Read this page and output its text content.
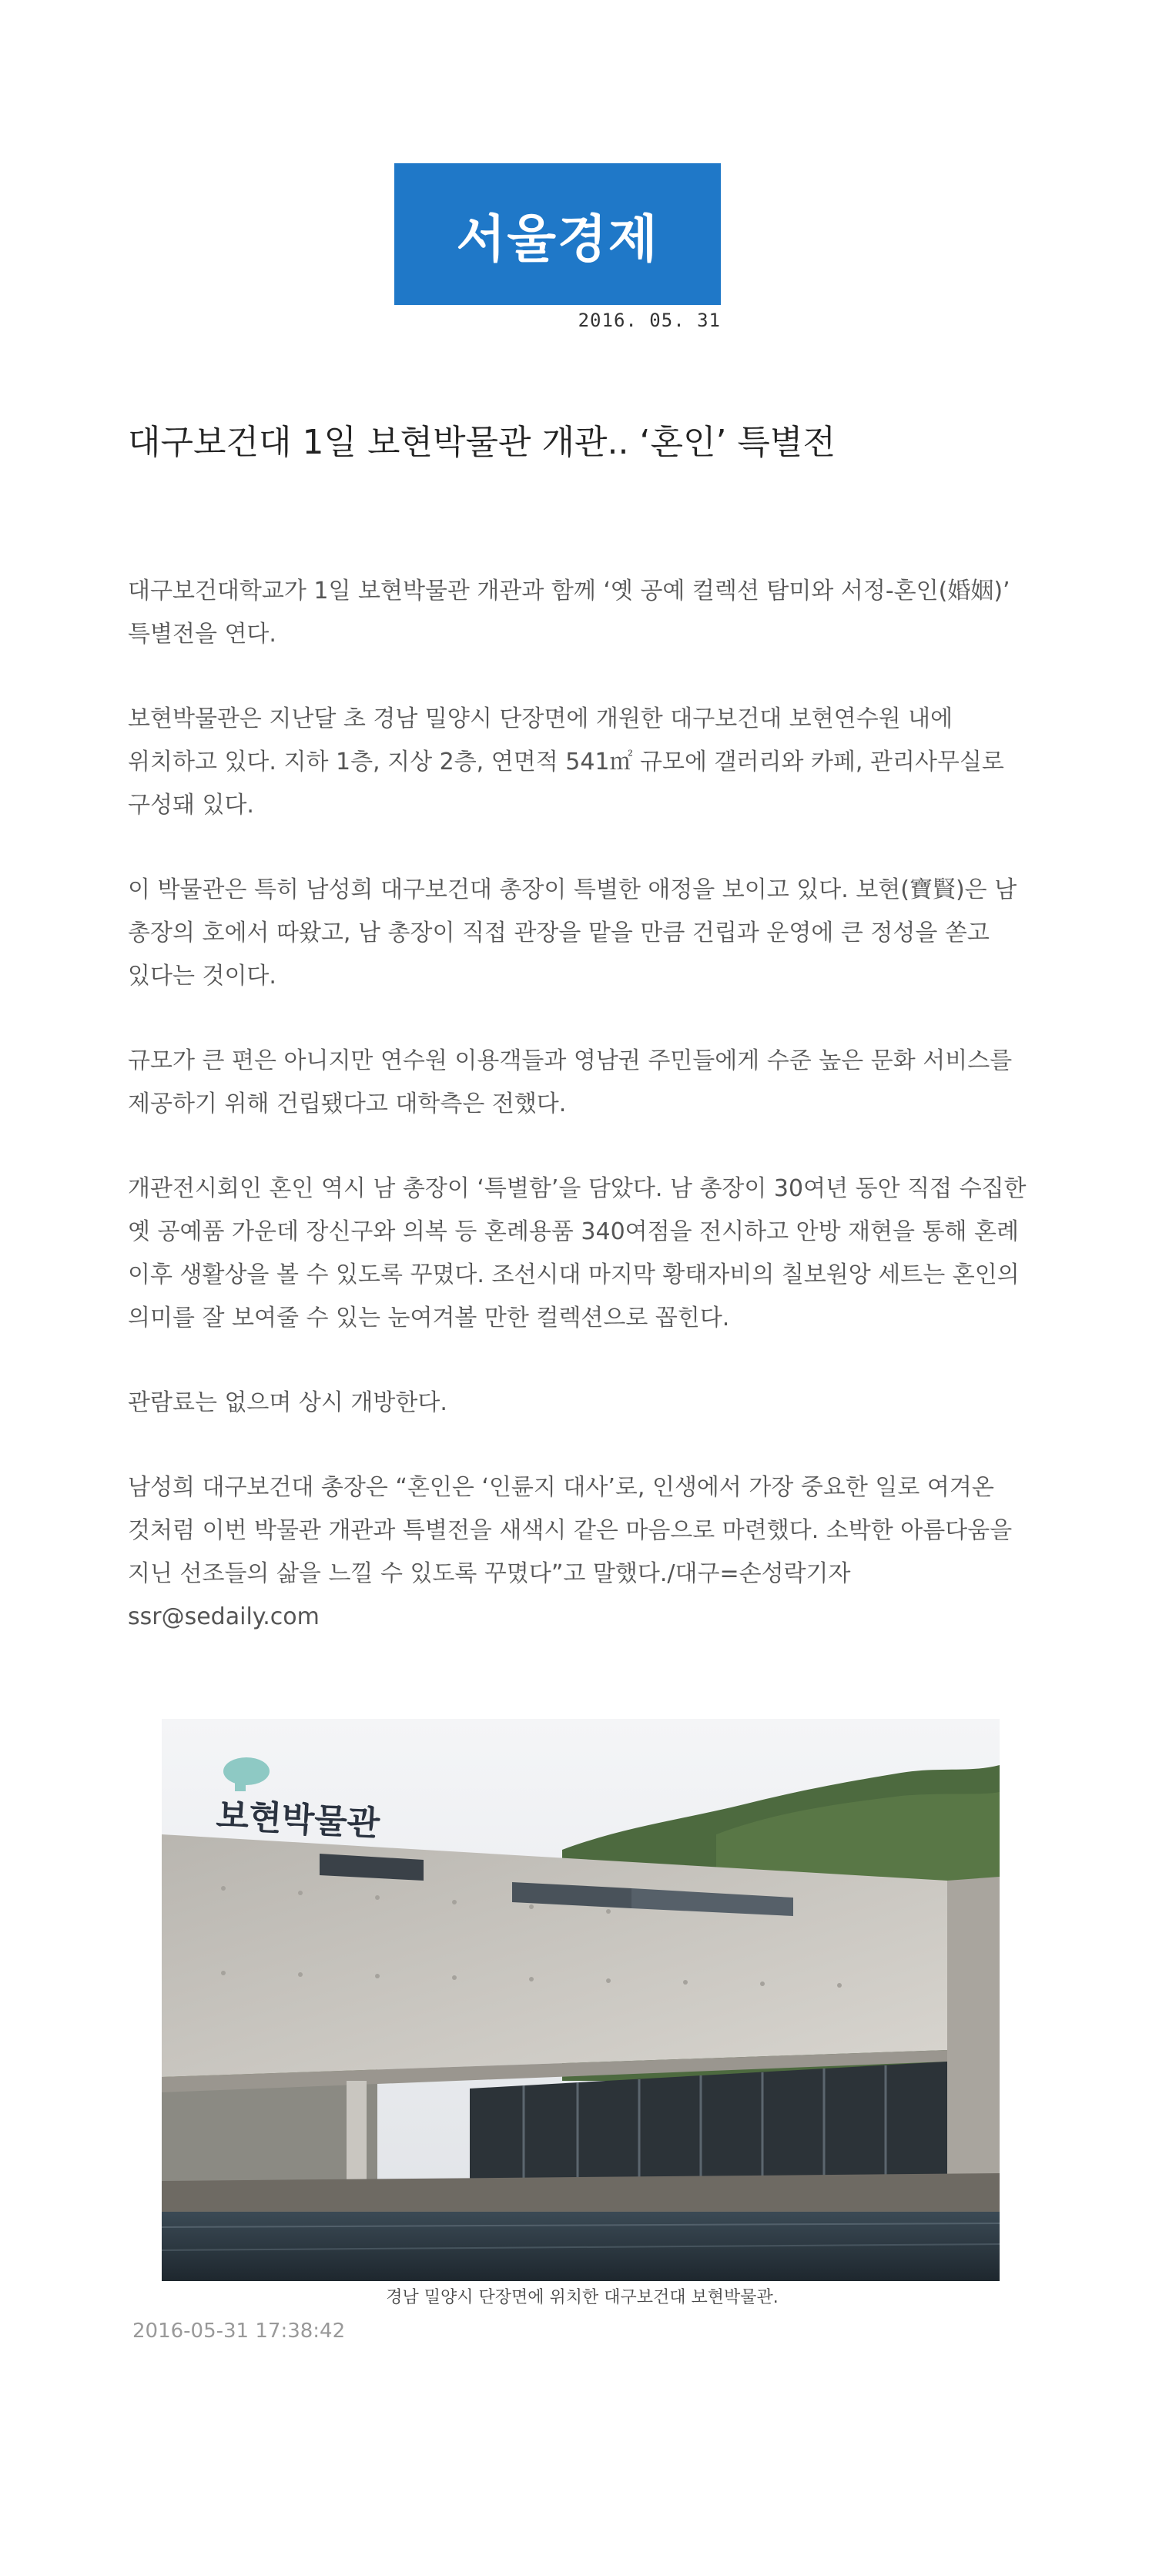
서울경제
2016. 05. 31
대구보건대 1일 보현박물관 개관.. ‘혼인’ 특별전

대구보건대학교가 1일 보현박물관 개관과 함께 ‘옛 공예 컬렉션 탐미와 서정-혼인(婚姻)’ 특별전을 연다.

보현박물관은 지난달 초 경남 밀양시 단장면에 개원한 대구보건대 보현연수원 내에 위치하고 있다. 지하 1층, 지상 2층, 연면적 541㎡ 규모에 갤러리와 카페, 관리사무실로 구성돼 있다.

이 박물관은 특히 남성희 대구보건대 총장이 특별한 애정을 보이고 있다. 보현(寶賢)은 남 총장의 호에서 따왔고, 남 총장이 직접 관장을 맡을 만큼 건립과 운영에 큰 정성을 쏟고 있다는 것이다.

규모가 큰 편은 아니지만 연수원 이용객들과 영남권 주민들에게 수준 높은 문화 서비스를 제공하기 위해 건립됐다고 대학측은 전했다.

개관전시회인 혼인 역시 남 총장이 ‘특별함’을 담았다. 남 총장이 30여년 동안 직접 수집한 옛 공예품 가운데 장신구와 의복 등 혼례용품 340여점을 전시하고 안방 재현을 통해 혼례 이후 생활상을 볼 수 있도록 꾸몄다. 조선시대 마지막 황태자비의 칠보원앙 세트는 혼인의 의미를 잘 보여줄 수 있는 눈여겨볼 만한 컬렉션으로 꼽힌다.

관람료는 없으며 상시 개방한다.

남성희 대구보건대 총장은 “혼인은 ‘인륜지 대사’로, 인생에서 가장 중요한 일로 여겨온 것처럼 이번 박물관 개관과 특별전을 새색시 같은 마음으로 마련했다. 소박한 아름다움을 지닌 선조들의 삶을 느낄 수 있도록 꾸몄다”고 말했다./대구=손성락기자 ssr@sedaily.com

보현박물관
경남 밀양시 단장면에 위치한 대구보건대 보현박물관.
2016-05-31 17:38:42
